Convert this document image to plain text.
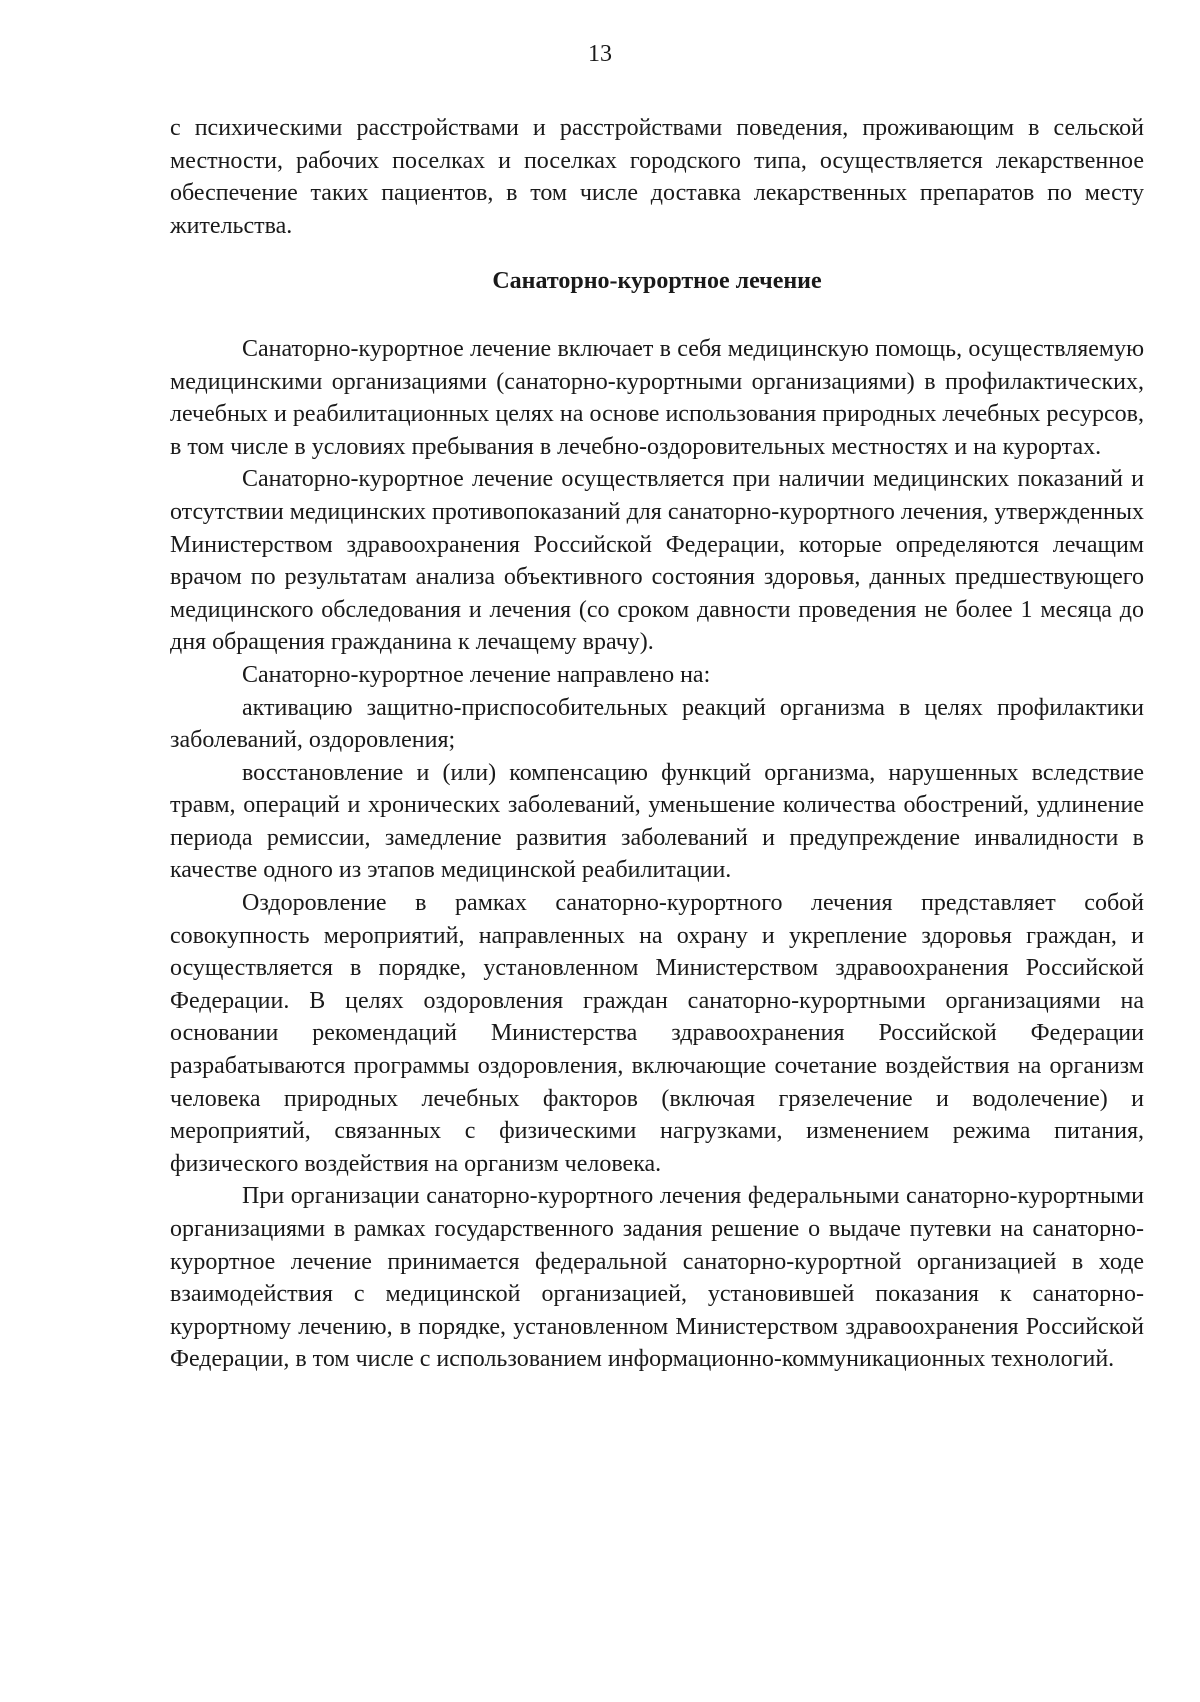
13

с психическими расстройствами и расстройствами поведения, проживающим в сельской местности, рабочих поселках и поселках городского типа, осуществляется лекарственное обеспечение таких пациентов, в том числе доставка лекарственных препаратов по месту жительства.

Санаторно-курортное лечение

Санаторно-курортное лечение включает в себя медицинскую помощь, осуществляемую медицинскими организациями (санаторно-курортными организациями) в профилактических, лечебных и реабилитационных целях на основе использования природных лечебных ресурсов, в том числе в условиях пребывания в лечебно-оздоровительных местностях и на курортах.

Санаторно-курортное лечение осуществляется при наличии медицинских показаний и отсутствии медицинских противопоказаний для санаторно-курортного лечения, утвержденных Министерством здравоохранения Российской Федерации, которые определяются лечащим врачом по результатам анализа объективного состояния здоровья, данных предшествующего медицинского обследования и лечения (со сроком давности проведения не более 1 месяца до дня обращения гражданина к лечащему врачу).

Санаторно-курортное лечение направлено на:

активацию защитно-приспособительных реакций организма в целях профилактики заболеваний, оздоровления;

восстановление и (или) компенсацию функций организма, нарушенных вследствие травм, операций и хронических заболеваний, уменьшение количества обострений, удлинение периода ремиссии, замедление развития заболеваний и предупреждение инвалидности в качестве одного из этапов медицинской реабилитации.

Оздоровление в рамках санаторно-курортного лечения представляет собой совокупность мероприятий, направленных на охрану и укрепление здоровья граждан, и осуществляется в порядке, установленном Министерством здравоохранения Российской Федерации. В целях оздоровления граждан санаторно-курортными организациями на основании рекомендаций Министерства здравоохранения Российской Федерации разрабатываются программы оздоровления, включающие сочетание воздействия на организм человека природных лечебных факторов (включая грязелечение и водолечение) и мероприятий, связанных с физическими нагрузками, изменением режима питания, физического воздействия на организм человека.

При организации санаторно-курортного лечения федеральными санаторно-курортными организациями в рамках государственного задания решение о выдаче путевки на санаторно-курортное лечение принимается федеральной санаторно-курортной организацией в ходе взаимодействия с медицинской организацией, установившей показания к санаторно-курортному лечению, в порядке, установленном Министерством здравоохранения Российской Федерации, в том числе с использованием информационно-коммуникационных технологий.
